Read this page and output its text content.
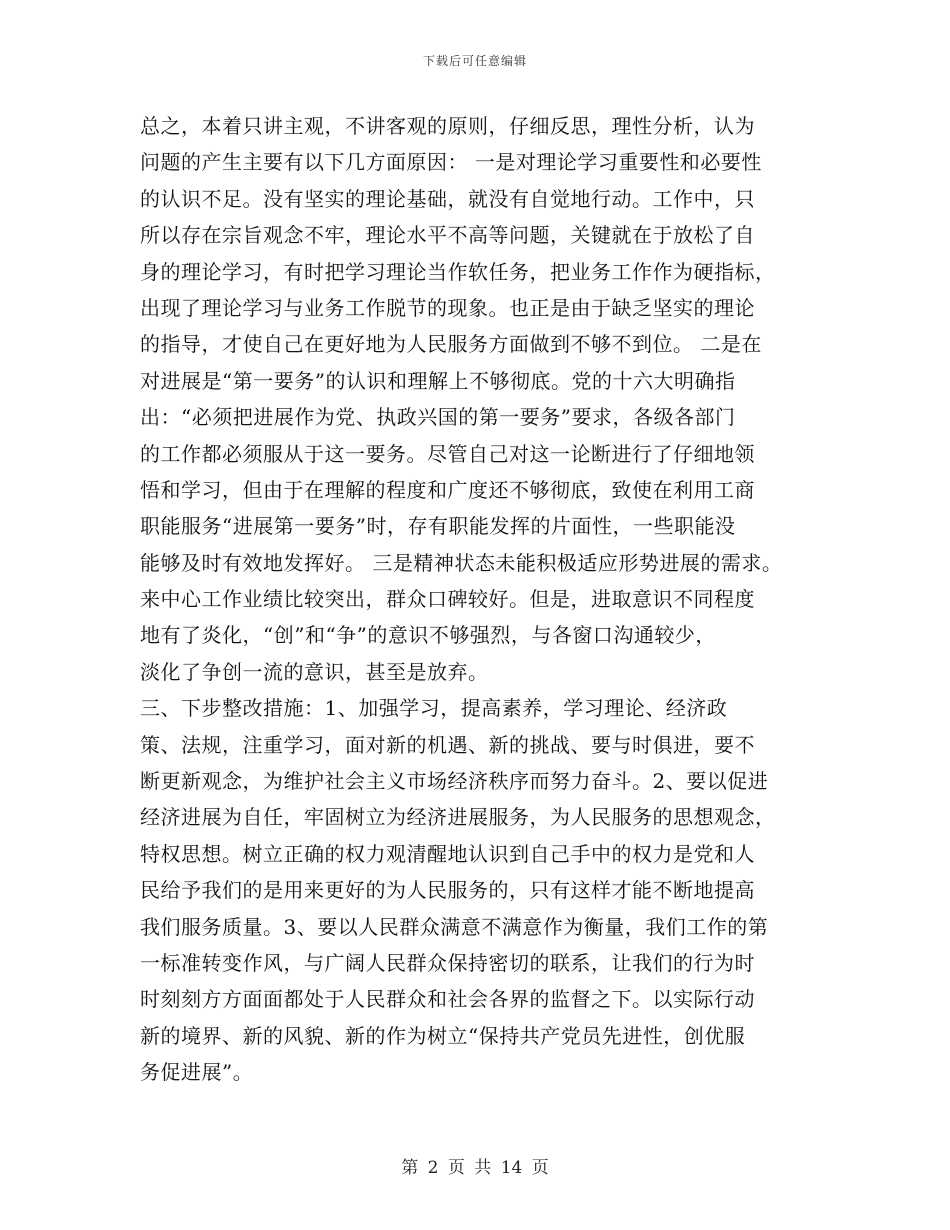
下载后可任意编辑
总之，本着只讲主观，不讲客观的原则，仔细反思，理性分析，认为
问题的产生主要有以下几方面原因： 一是对理论学习重要性和必要性
的认识不足。没有坚实的理论基础，就没有自觉地行动。工作中，只
所以存在宗旨观念不牢，理论水平不高等问题，关键就在于放松了自
身的理论学习，有时把学习理论当作软任务，把业务工作作为硬指标，
出现了理论学习与业务工作脱节的现象。也正是由于缺乏坚实的理论
的指导，才使自己在更好地为人民服务方面做到不够不到位。 二是在
对进展是“第一要务”的认识和理解上不够彻底。党的十六大明确指
出：“必须把进展作为党、执政兴国的第一要务”要求，各级各部门
的工作都必须服从于这一要务。尽管自己对这一论断进行了仔细地领
悟和学习，但由于在理解的程度和广度还不够彻底，致使在利用工商
职能服务“进展第一要务”时，存有职能发挥的片面性，一些职能没
能够及时有效地发挥好。 三是精神状态未能积极适应形势进展的需求。
来中心工作业绩比较突出，群众口碑较好。但是，进取意识不同程度
地有了炎化，“创”和“争”的意识不够强烈，与各窗口沟通较少，
淡化了争创一流的意识，甚至是放弃。
三、下步整改措施：1、加强学习，提高素养，学习理论、经济政
策、法规，注重学习，面对新的机遇、新的挑战、要与时俱进，要不
断更新观念，为维护社会主义市场经济秩序而努力奋斗。2、要以促进
经济进展为自任，牢固树立为经济进展服务，为人民服务的思想观念，
特权思想。树立正确的权力观清醒地认识到自己手中的权力是党和人
民给予我们的是用来更好的为人民服务的，只有这样才能不断地提高
我们服务质量。3、要以人民群众满意不满意作为衡量，我们工作的第
一标准转变作风，与广阔人民群众保持密切的联系，让我们的行为时
时刻刻方方面面都处于人民群众和社会各界的监督之下。以实际行动
新的境界、新的风貌、新的作为树立“保持共产党员先进性，创优服
务促进展”。
第 2 页 共 14 页
